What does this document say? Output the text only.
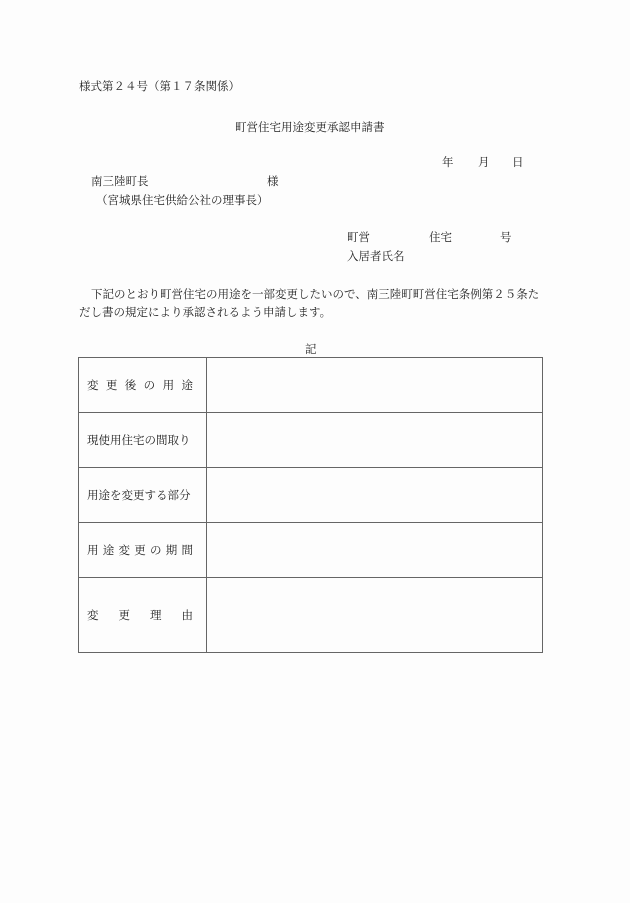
様式第２４号（第１７条関係）
町営住宅用途変更承認申請書
年 月 日
南三陸町長	様
（宮城県住宅供給公社の理事長）
町営	住宅	号
入居者氏名
下記のとおり町営住宅の用途を一部変更したいので、南三陸町町営住宅条例第２５条た
だし書の規定により承認されるよう申請します。
記
変 更 後 の 用 途

現使用住宅の間取り	
用途を変更する部分	

用 途 変 更 の 期 間

変 更 理 由	
